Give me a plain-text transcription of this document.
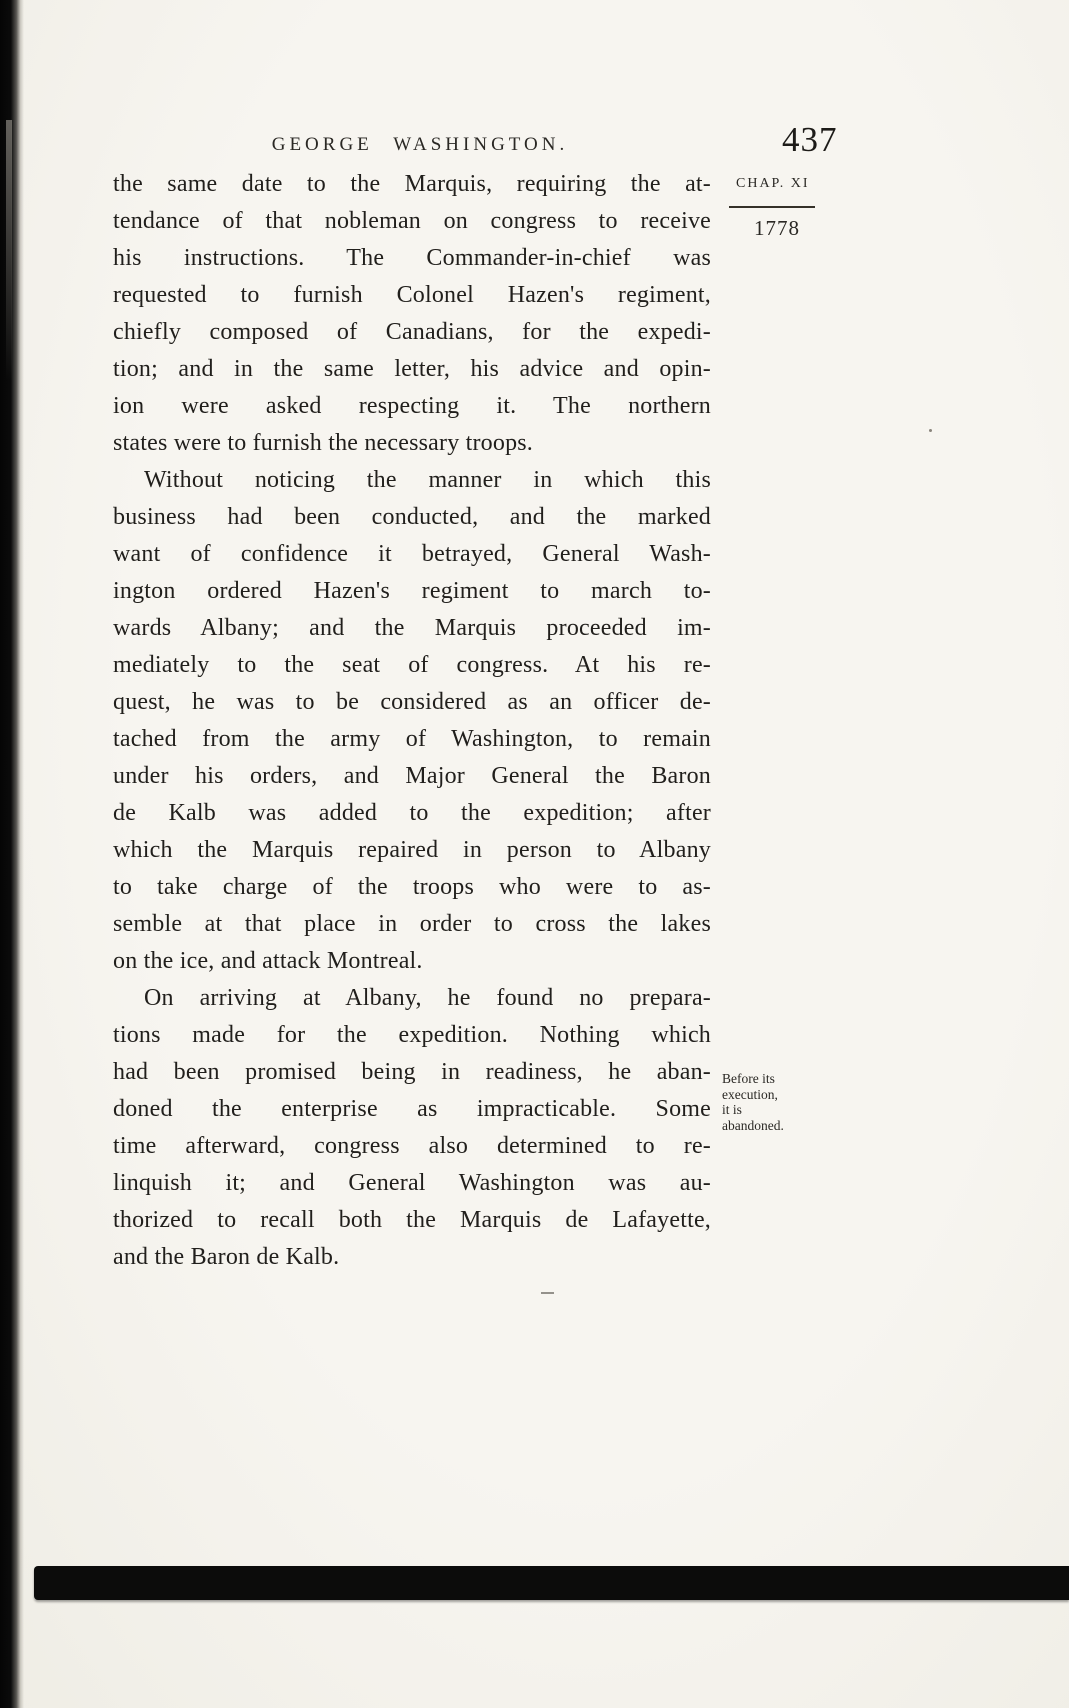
GEORGE WASHINGTON.	437
CHAP. XI
1778
Before its
execution,
it is
abandoned.
the same date to the Marquis, requiring the at-
tendance of that nobleman on congress to receive
his instructions. The Commander-in-chief was
requested to furnish Colonel Hazen's regiment,
chiefly composed of Canadians, for the expedi-
tion; and in the same letter, his advice and opin-
ion were asked respecting it. The northern
states were to furnish the necessary troops.
Without noticing the manner in which this
business had been conducted, and the marked
want of confidence it betrayed, General Wash-
ington ordered Hazen's regiment to march to-
wards Albany; and the Marquis proceeded im-
mediately to the seat of congress. At his re-
quest, he was to be considered as an officer de-
tached from the army of Washington, to remain
under his orders, and Major General the Baron
de Kalb was added to the expedition; after
which the Marquis repaired in person to Albany
to take charge of the troops who were to as-
semble at that place in order to cross the lakes
on the ice, and attack Montreal.
On arriving at Albany, he found no prepara-
tions made for the expedition. Nothing which
had been promised being in readiness, he aban-
doned the enterprise as impracticable. Some
time afterward, congress also determined to re-
linquish it; and General Washington was au-
thorized to recall both the Marquis de Lafayette,
and the Baron de Kalb.
